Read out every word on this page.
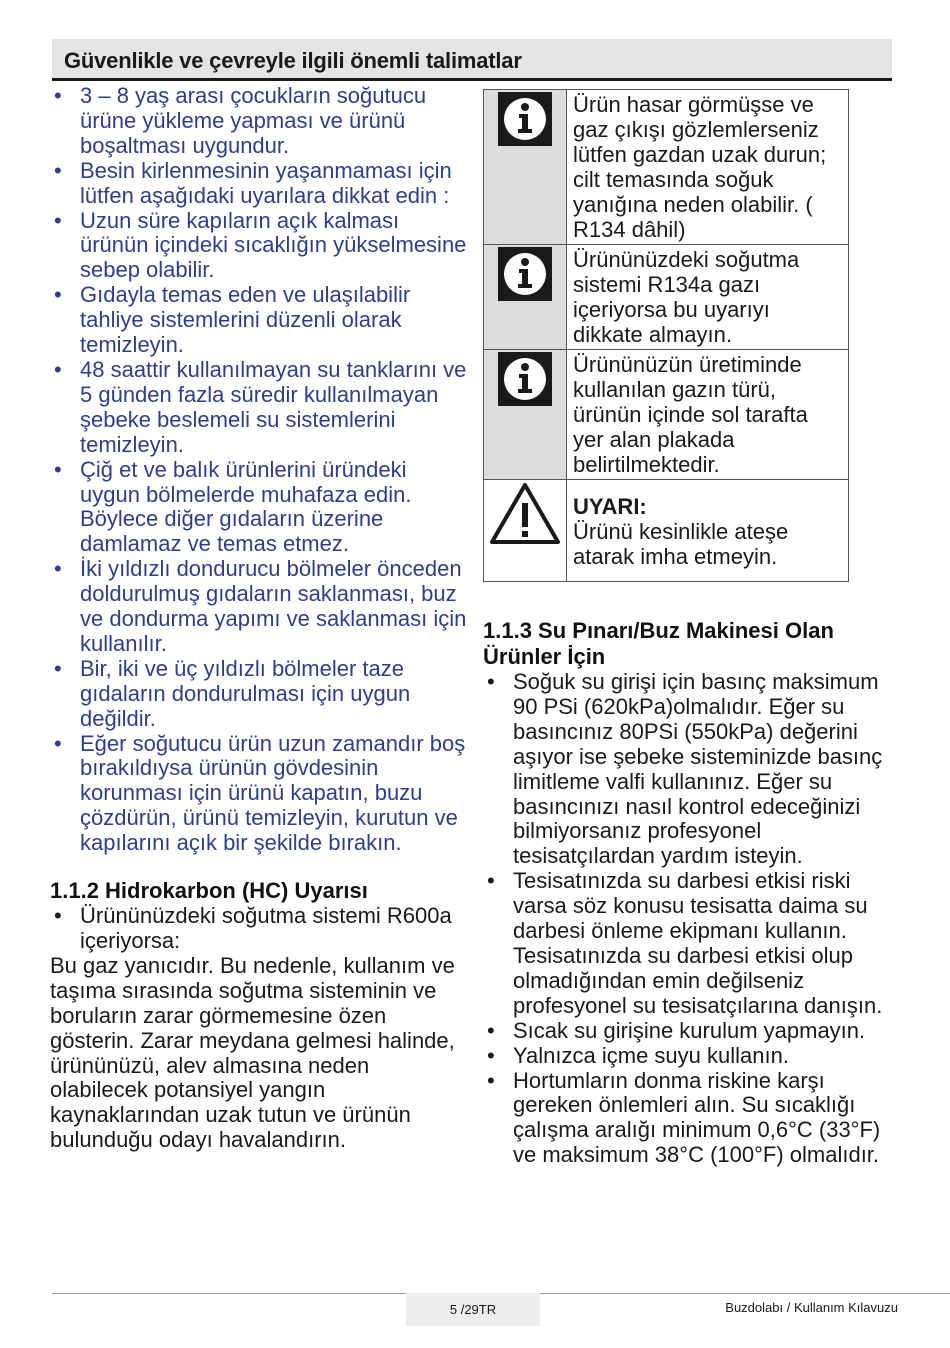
Güvenlikle ve çevreyle ilgili önemli talimatlar
• 3 – 8 yaş arası çocukların soğutucu ürüne yükleme yapması ve ürünü boşaltması uygundur.
• Besin kirlenmesinin yaşanmaması için lütfen aşağıdaki uyarılara dikkat edin :
• Uzun süre kapıların açık kalması ürünün içindeki sıcaklığın yükselmesine sebep olabilir.
• Gıdayla temas eden ve ulaşılabilir tahliye sistemlerini düzenli olarak temizleyin.
• 48 saattir kullanılmayan su tanklarını ve 5 günden fazla süredir kullanılmayan şebeke beslemeli su sistemlerini temizleyin.
• Çiğ et ve balık ürünlerini üründeki uygun bölmelerde muhafaza edin. Böylece diğer gıdaların üzerine damlamaz ve temas etmez.
• İki yıldızlı dondurucu bölmeler önceden doldurulmuş gıdaların saklanması, buz ve dondurma yapımı ve saklanması için kullanılır.
• Bir, iki ve üç yıldızlı bölmeler taze gıdaların dondurulması için uygun değildir.
• Eğer soğutucu ürün uzun zamandır boş bırakıldıysa ürünün gövdesinin korunması için ürünü kapatın, buzu çözdürün, ürünü temizleyin, kurutun ve kapılarını açık bir şekilde bırakın.
1.1.2 Hidrokarbon (HC) Uyarısı
• Ürününüzdeki soğutma sistemi R600a içeriyorsa:

Bu gaz yanıcıdır. Bu nedenle, kullanım ve taşıma sırasında soğutma sisteminin ve boruların zarar görmemesine özen gösterin. Zarar meydana gelmesi halinde, ürününüzü, alev almasına neden olabilecek potansiyel yangın kaynaklarından uzak tutun ve ürünün bulunduğu odayı havalandırın.

	Ürün hasar görmüşse ve gaz çıkışı gözlemlerseniz lütfen gazdan uzak durun; cilt temasında soğuk yanığına neden olabilir. ( R134 dâhil)
	Ürününüzdeki soğutma sistemi R134a gazı içeriyorsa bu uyarıyı dikkate almayın.
	Ürününüzün üretiminde kullanılan gazın türü, ürünün içinde sol tarafta yer alan plakada belirtilmektedir.

UYARI:
Ürünü kesinlikle ateşe atarak imha etmeyin.
1.1.3 Su Pınarı/Buz Makinesi Olan Ürünler İçin
• Soğuk su girişi için basınç maksimum 90 PSi (620kPa)olmalıdır. Eğer su basıncınız 80PSi (550kPa) değerini aşıyor ise şebeke sisteminizde basınç limitleme valfi kullanınız. Eğer su basıncınızı nasıl kontrol edeceğinizi bilmiyorsanız profesyonel tesisatçılardan yardım isteyin.
• Tesisatınızda su darbesi etkisi riski varsa söz konusu tesisatta daima su darbesi önleme ekipmanı kullanın. Tesisatınızda su darbesi etkisi olup olmadığından emin değilseniz profesyonel su tesisatçılarına danışın.
• Sıcak su girişine kurulum yapmayın.
• Yalnızca içme suyu kullanın.
• Hortumların donma riskine karşı gereken önlemleri alın. Su sıcaklığı çalışma aralığı minimum 0,6°C (33°F) ve maksimum 38°C (100°F) olmalıdır.
5 /29TR	Buzdolabı / Kullanım Kılavuzu
